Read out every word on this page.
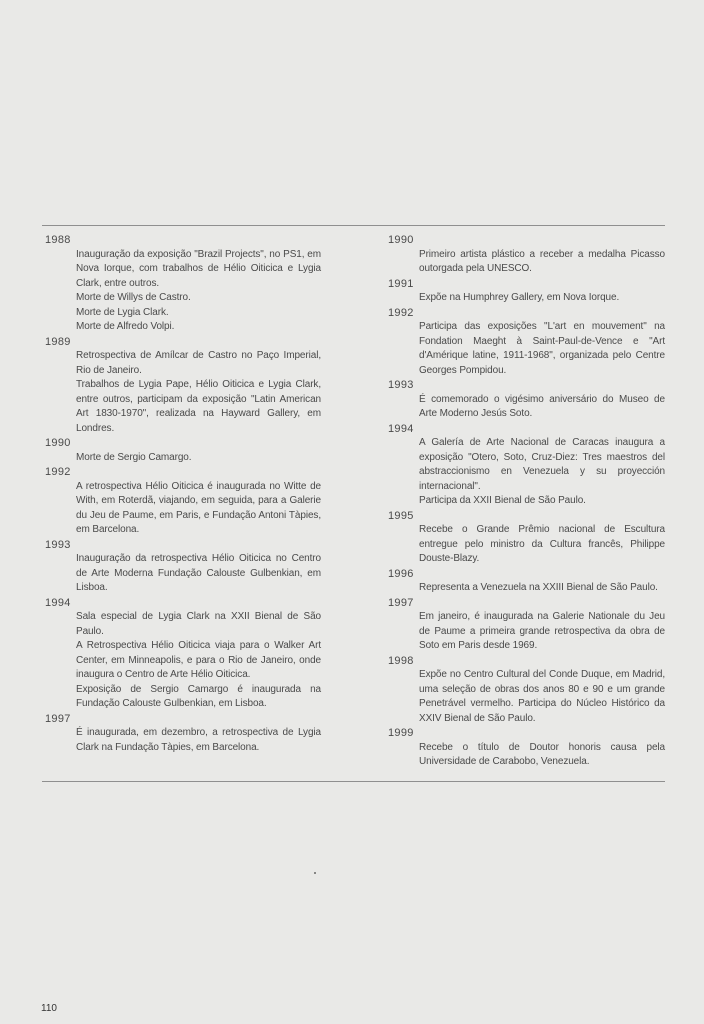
1988

Inauguração da exposição "Brazil Projects", no PS1, em Nova Iorque, com trabalhos de Hélio Oiticica e Lygia Clark, entre outros.

Morte de Willys de Castro.

Morte de Lygia Clark.

Morte de Alfredo Volpi.

1989

Retrospectiva de Amílcar de Castro no Paço Imperial, Rio de Janeiro.

Trabalhos de Lygia Pape, Hélio Oiticica e Lygia Clark, entre outros, participam da exposição "Latin American Art 1830-1970", realizada na Hayward Gallery, em Londres.

1990

Morte de Sergio Camargo.

1992

A retrospectiva Hélio Oiticica é inaugurada no Witte de With, em Roterdã, viajando, em seguida, para a Galerie du Jeu de Paume, em Paris, e Fundação Antoni Tàpies, em Barcelona.

1993

Inauguração da retrospectiva Hélio Oiticica no Centro de Arte Moderna Fundação Calouste Gulbenkian, em Lisboa.

1994

Sala especial de Lygia Clark na XXII Bienal de São Paulo.

A Retrospectiva Hélio Oiticica viaja para o Walker Art Center, em Minneapolis, e para o Rio de Janeiro, onde inaugura o Centro de Arte Hélio Oiticica.

Exposição de Sergio Camargo é inaugurada na Fundação Calouste Gulbenkian, em Lisboa.

1997

É inaugurada, em dezembro, a retrospectiva de Lygia Clark na Fundação Tàpies, em Barcelona.

1990

Primeiro artista plástico a receber a medalha Picasso outorgada pela UNESCO.

1991

Expõe na Humphrey Gallery, em Nova Iorque.

1992

Participa das exposições "L'art en mouvement" na Fondation Maeght à Saint-Paul-de-Vence e "Art d'Amérique latine, 1911-1968", organizada pelo Centre Georges Pompidou.

1993

É comemorado o vigésimo aniversário do Museo de Arte Moderno Jesús Soto.

1994

A Galería de Arte Nacional de Caracas inaugura a exposição "Otero, Soto, Cruz-Diez: Tres maestros del abstraccionismo en Venezuela y su proyección internacional".

Participa da XXII Bienal de São Paulo.

1995

Recebe o Grande Prêmio nacional de Escultura entregue pelo ministro da Cultura francês, Philippe Douste-Blazy.

1996

Representa a Venezuela na XXIII Bienal de São Paulo.

1997

Em janeiro, é inaugurada na Galerie Nationale du Jeu de Paume a primeira grande retrospectiva da obra de Soto em Paris desde 1969.

1998

Expõe no Centro Cultural del Conde Duque, em Madrid, uma seleção de obras dos anos 80 e 90 e um grande Penetrável vermelho. Participa do Núcleo Histórico da XXIV Bienal de São Paulo.

1999

Recebe o título de Doutor honoris causa pela Universidade de Carabobo, Venezuela.

110
